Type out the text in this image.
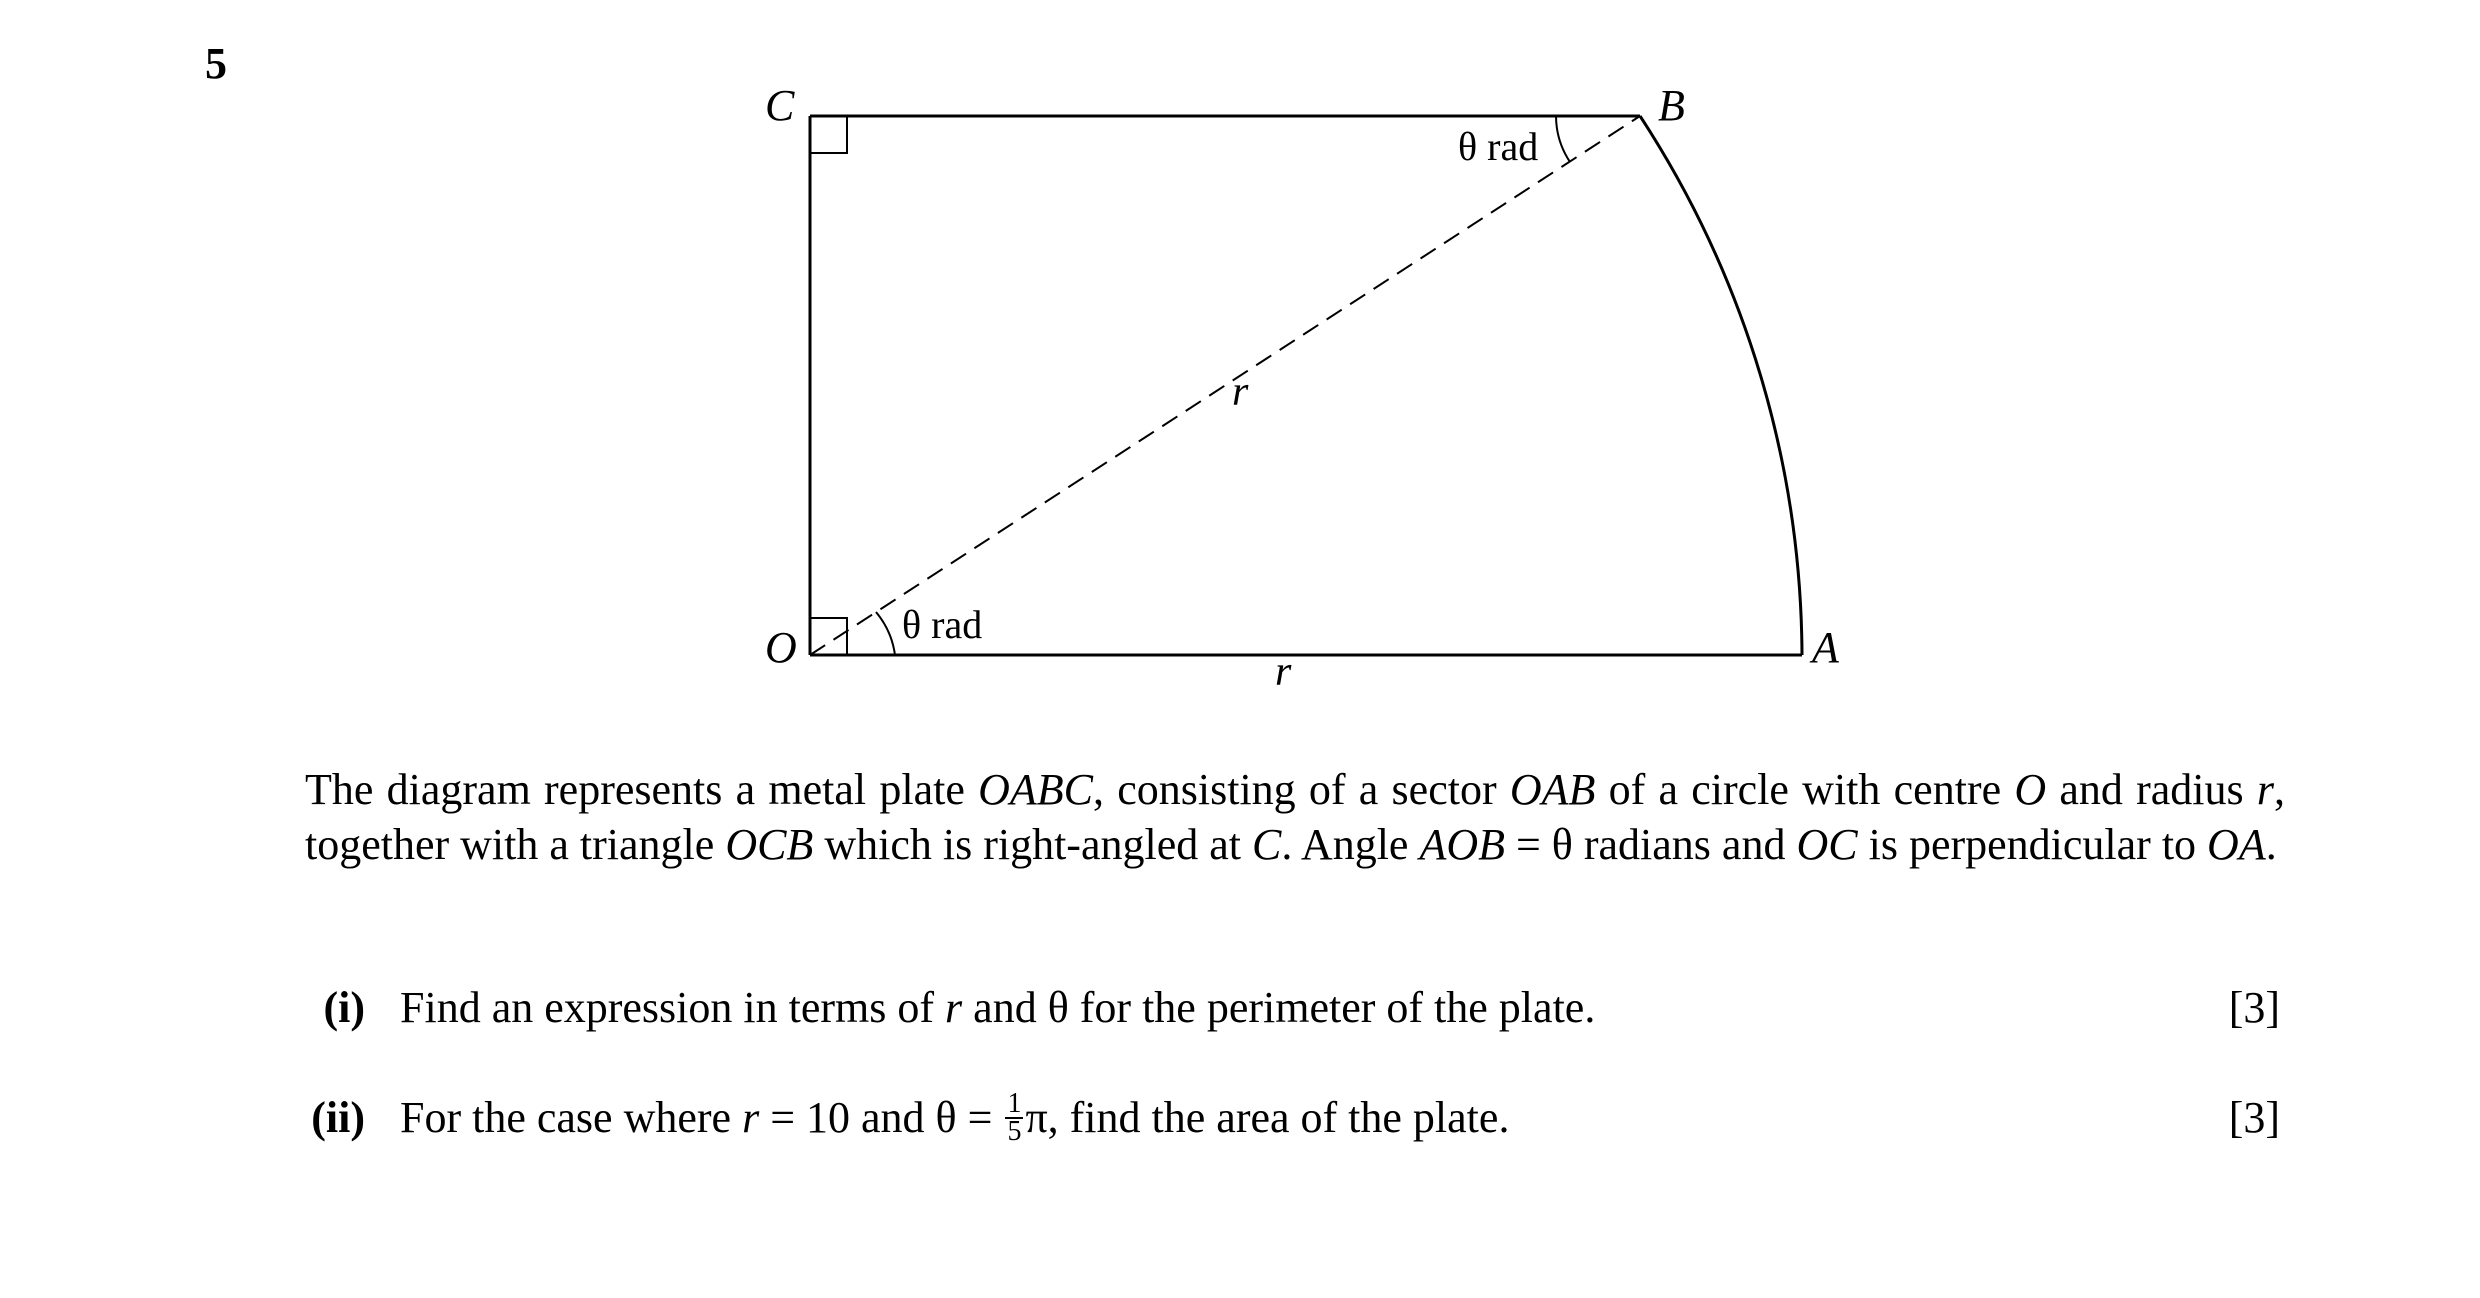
5
C	B
O	A
θ rad
θ rad
r
r

The diagram represents a metal plate OABC, consisting of a sector OAB of a circle with centre O and radius r, together with a triangle OCB which is right-angled at C. Angle AOB = θ radians and OC is perpendicular to OA.

(i) Find an expression in terms of r and θ for the perimeter of the plate.	[3]
(ii) For the case where r = 10 and $\theta = \frac{1}{5} \pi$, find the area of the plate.	[3]
